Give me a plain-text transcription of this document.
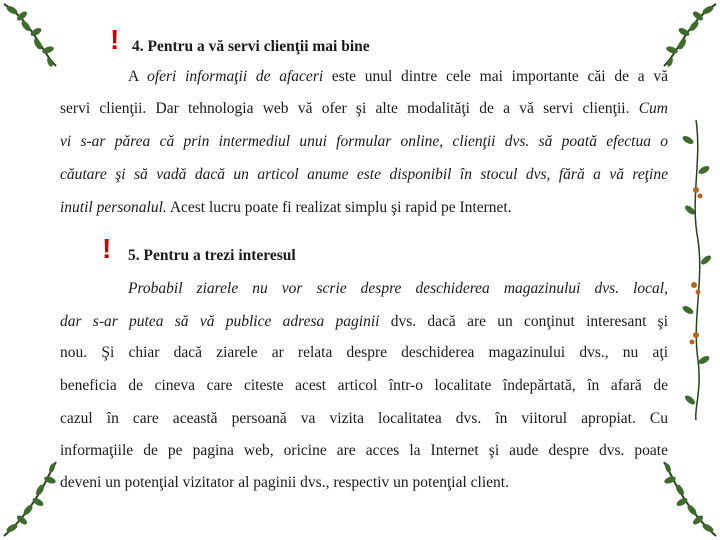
! 4. Pentru a vă servi clienţii mai bine
A oferi informaţii de afaceri este unul dintre cele mai importante căi de a vă
servi clienţii. Dar tehnologia web vă ofer şi alte modalităţi de a vă servi clienţii. Cum
vi s-ar părea că prin intermediul unui formular online, clienţii dvs. să poată efectua o
căutare şi să vadă dacă un articol anume este disponibil în stocul dvs, fără a vă reţine
inutil personalul. Acest lucru poate fi realizat simplu şi rapid pe Internet.
! 5. Pentru a trezi interesul
Probabil ziarele nu vor scrie despre deschiderea magazinului dvs. local,
dar s-ar putea să vă publice adresa paginii dvs. dacă are un conţinut interesant şi
nou. Şi chiar dacă ziarele ar relata despre deschiderea magazinului dvs., nu aţi
beneficia de cineva care citeste acest articol într-o localitate îndepărtată, în afară de
cazul în care această persoană va vizita localitatea dvs. în viitorul apropiat. Cu
informaţiile de pe pagina web, oricine are acces la Internet şi aude despre dvs. poate
deveni un potenţial vizitator al paginii dvs., respectiv un potenţial client.
